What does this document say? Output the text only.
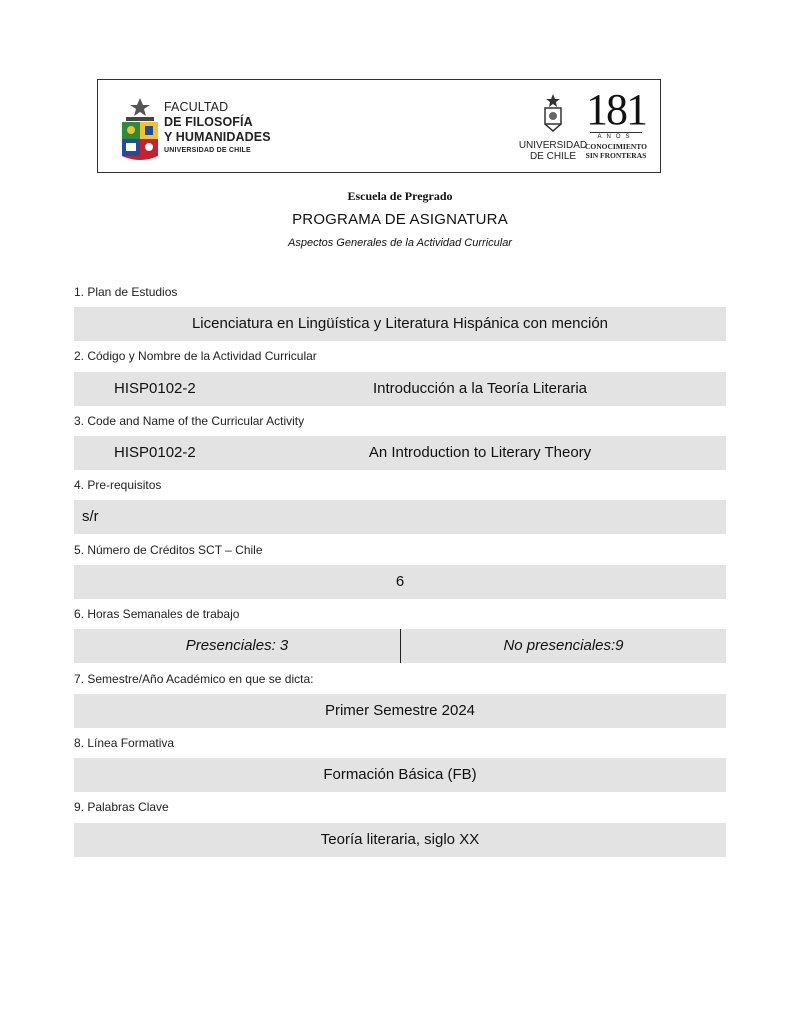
FACULTAD
DE FILOSOFÍA
Y HUMANIDADES
UNIVERSIDAD DE CHILE	UNIVERSIDAD
DE CHILE
181
AÑOS
CONOCIMIENTO
SIN FRONTERAS
Escuela de Pregrado
PROGRAMA DE ASIGNATURA
Aspectos Generales de la Actividad Curricular
1. Plan de Estudios
Licenciatura en Lingüística y Literatura Hispánica con mención
2. Código y Nombre de la Actividad Curricular
HISP0102-2	Introducción a la Teoría Literaria
3. Code and Name of the Curricular Activity
HISP0102-2	An Introduction to Literary Theory
4. Pre-requisitos
s/r
5. Número de Créditos SCT – Chile
6
6. Horas Semanales de trabajo
Presenciales: 3	No presenciales:9
7. Semestre/Año Académico en que se dicta:
Primer Semestre 2024
8. Línea Formativa
Formación Básica (FB)
9. Palabras Clave
Teoría literaria, siglo XX
